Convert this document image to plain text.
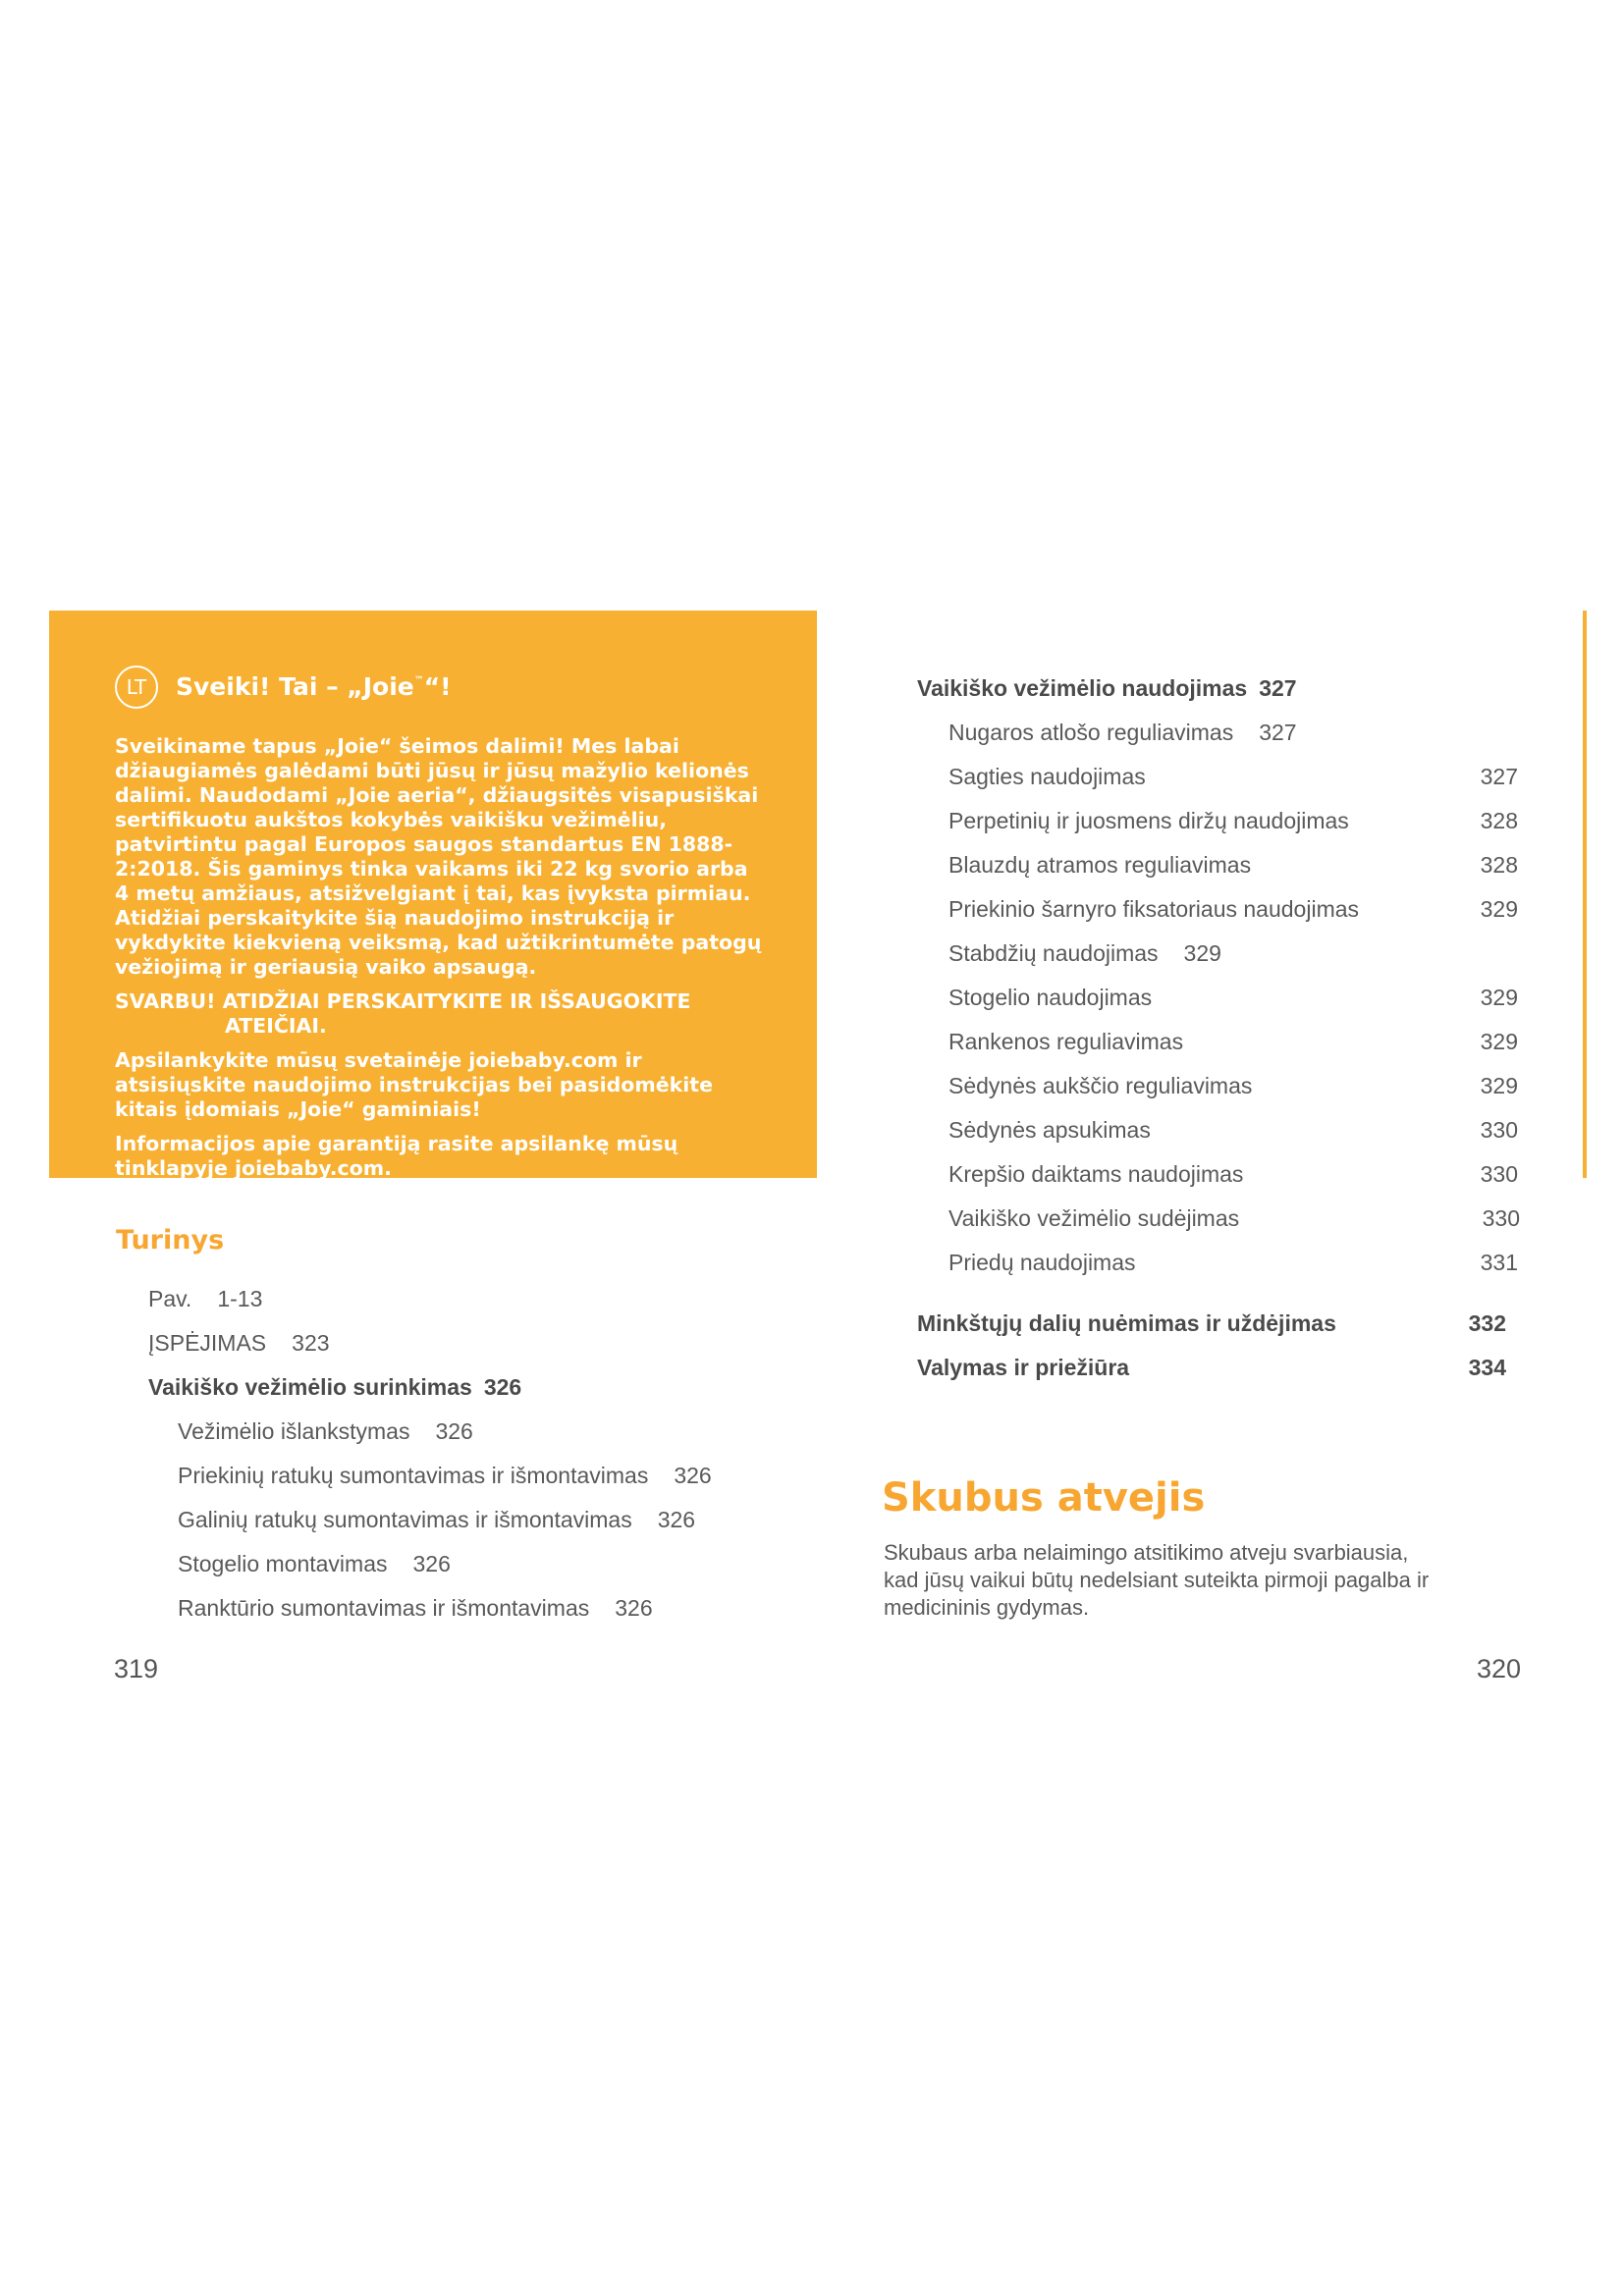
LT	Sveiki! Tai – „Joie™“!

Sveikiname tapus „Joie“ šeimos dalimi! Mes labai
džiaugiamės galėdami būti jūsų ir jūsų mažylio kelionės
dalimi. Naudodami „Joie aeria“, džiaugsitės visapusiškai
sertifikuotu aukštos kokybės vaikišku vežimėliu,
patvirtintu pagal Europos saugos standartus EN 1888-
2:2018. Šis gaminys tinka vaikams iki 22 kg svorio arba
4 metų amžiaus, atsižvelgiant į tai, kas įvyksta pirmiau.
Atidžiai perskaitykite šią naudojimo instrukciją ir
vykdykite kiekvieną veiksmą, kad užtikrintumėte patogų
vežiojimą ir geriausią vaiko apsaugą.

SVARBU! ATIDŽIAI PERSKAITYKITE IR IŠSAUGOKITE
ATEIČIAI.

Apsilankykite mūsų svetainėje joiebaby.com ir
atsisiųskite naudojimo instrukcijas bei pasidomėkite
kitais įdomiais „Joie“ gaminiais!

Informacijos apie garantiją rasite apsilankę mūsų
tinklapyje joiebaby.com.

Turinys
Pav. 1-13
ĮSPĖJIMAS 323
Vaikiško vežimėlio surinkimas 326
Vežimėlio išlankstymas 326
Priekinių ratukų sumontavimas ir išmontavimas 326
Galinių ratukų sumontavimas ir išmontavimas 326
Stogelio montavimas 326
Ranktūrio sumontavimas ir išmontavimas 326
Vaikiško vežimėlio naudojimas 327
Nugaros atlošo reguliavimas 327
Sagties naudojimas	327
Perpetinių ir juosmens diržų naudojimas	328
Blauzdų atramos reguliavimas	328
Priekinio šarnyro fiksatoriaus naudojimas	329
Stabdžių naudojimas 329
Stogelio naudojimas	329
Rankenos reguliavimas	329
Sėdynės aukščio reguliavimas	329
Sėdynės apsukimas	330
Krepšio daiktams naudojimas	330
Vaikiško vežimėlio sudėjimas	330
Priedų naudojimas	331
Minkštųjų dalių nuėmimas ir uždėjimas	332
Valymas ir priežiūra	334
Skubus atvejis
Skubaus arba nelaimingo atsitikimo atveju svarbiausia,
kad jūsų vaikui būtų nedelsiant suteikta pirmoji pagalba ir
medicininis gydymas.
319	320
